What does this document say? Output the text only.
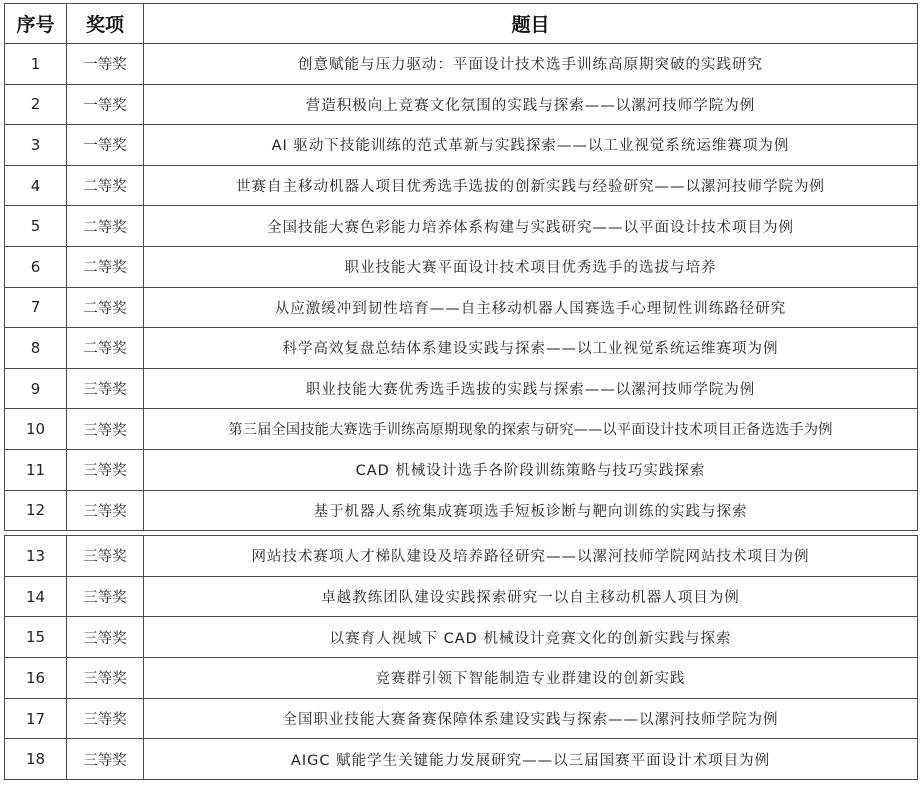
序号	奖项	题目
1	一等奖	创意赋能与压力驱动：平面设计技术选手训练高原期突破的实践研究
2	一等奖	营造积极向上竞赛文化氛围的实践与探索——以漯河技师学院为例
3	一等奖	AI 驱动下技能训练的范式革新与实践探索——以工业视觉系统运维赛项为例
4	二等奖	世赛自主移动机器人项目优秀选手选拔的创新实践与经验研究——以漯河技师学院为例
5	二等奖	全国技能大赛色彩能力培养体系构建与实践研究——以平面设计技术项目为例
6	二等奖	职业技能大赛平面设计技术项目优秀选手的选拔与培养
7	二等奖	从应激缓冲到韧性培育——自主移动机器人国赛选手心理韧性训练路径研究
8	二等奖	科学高效复盘总结体系建设实践与探索——以工业视觉系统运维赛项为例
9	三等奖	职业技能大赛优秀选手选拔的实践与探索——以漯河技师学院为例
10	三等奖	第三届全国技能大赛选手训练高原期现象的探索与研究——以平面设计技术项目正备选选手为例
11	三等奖	CAD 机械设计选手各阶段训练策略与技巧实践探索
12	三等奖	基于机器人系统集成赛项选手短板诊断与靶向训练的实践与探索
13	三等奖	网站技术赛项人才梯队建设及培养路径研究——以漯河技师学院网站技术项目为例
14	三等奖	卓越教练团队建设实践探索研究一以自主移动机器人项目为例
15	三等奖	以赛育人视域下 CAD 机械设计竞赛文化的创新实践与探索
16	三等奖	竞赛群引领下智能制造专业群建设的创新实践
17	三等奖	全国职业技能大赛备赛保障体系建设实践与探索——以漯河技师学院为例
18	三等奖	AIGC 赋能学生关键能力发展研究——以三届国赛平面设计术项目为例
